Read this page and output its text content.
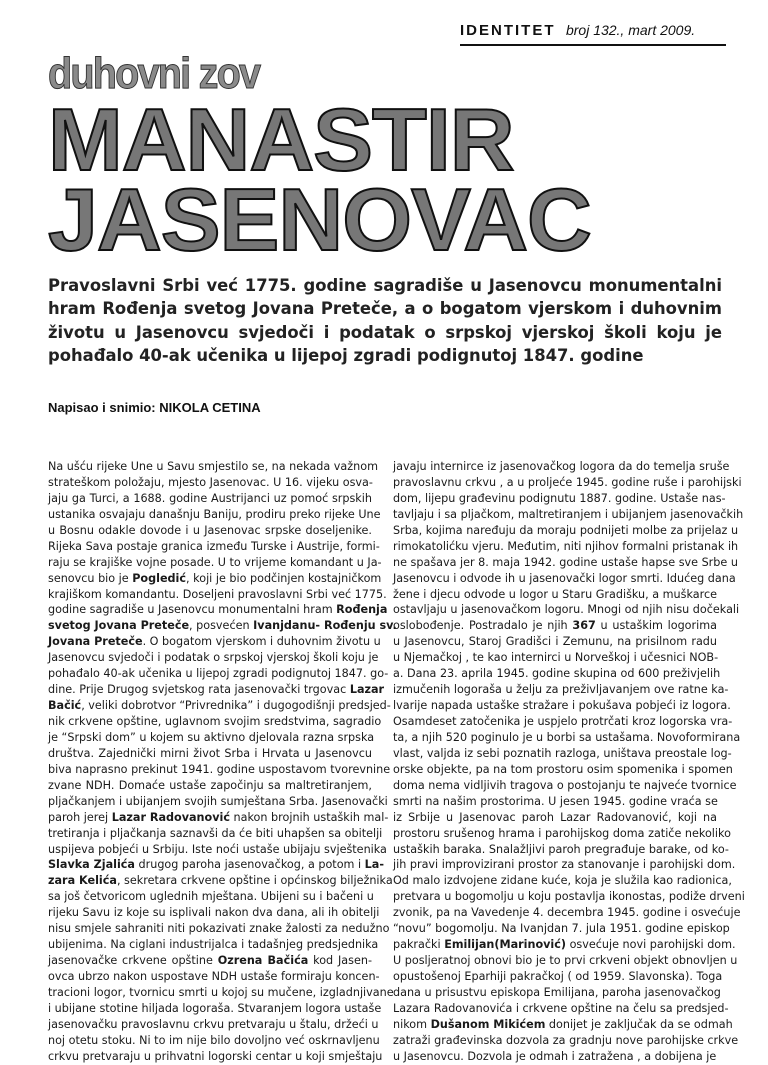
IDENTITET broj 132., mart 2009.
duhovni zov
MANASTIR
JASENOVAC
Pravoslavni Srbi već 1775. godine sagradiše u Jasenovcu monumentalni hram Rođenja svetog Jovana Preteče, a o bogatom vjerskom i duhovnim životu u Jasenovcu svjedoči i podatak o srpskoj vjerskoj školi koju je pohađalo 40-ak učenika u lijepoj zgradi podignutoj 1847. godine
Napisao i snimio: NIKOLA CETINA
Na ušću rijeke Une u Savu smjestilo se, na nekada važnom
strateškom položaju, mjesto Jasenovac. U 16. vijeku osva-
jaju ga Turci, a 1688. godine Austrijanci uz pomoć srpskih
ustanika osvajaju današnju Baniju, prodiru preko rijeke Une
u Bosnu odakle dovode i u Jasenovac srpske doseljenike.
Rijeka Sava postaje granica između Turske i Austrije, formi-
raju se krajiške vojne posade. U to vrijeme komandant u Ja-
senovcu bio je Pogledić, koji je bio podčinjen kostajničkom
krajiškom komandantu. Doseljeni pravoslavni Srbi već 1775.
godine sagradiše u Jasenovcu monumentalni hram Rođenja
svetog Jovana Preteče, posvećen Ivanjdanu- Rođenju sv.
Jovana Preteče. O bogatom vjerskom i duhovnim životu u
Jasenovcu svjedoči i podatak o srpskoj vjerskoj školi koju je
pohađalo 40-ak učenika u lijepoj zgradi podignutoj 1847. go-
dine. Prije Drugog svjetskog rata jasenovački trgovac Lazar
Bačić, veliki dobrotvor “Privrednika” i dugogodišnji predsjed-
nik crkvene opštine, uglavnom svojim sredstvima, sagradio
je “Srpski dom” u kojem su aktivno djelovala razna srpska
društva. Zajednički mirni život Srba i Hrvata u Jasenovcu
biva naprasno prekinut 1941. godine uspostavom tvorevnine
zvane NDH. Domaće ustaše započinju sa maltretiranjem,
pljačkanjem i ubijanjem svojih sumještana Srba. Jasenovački
paroh jerej Lazar Radovanović nakon brojnih ustaških mal-
tretiranja i pljačkanja saznavši da će biti uhapšen sa obitelji
uspijeva pobjeći u Srbiju. Iste noći ustaše ubijaju svještenika
Slavka Zjalića drugog paroha jasenovačkog, a potom i La-
zara Kelića, sekretara crkvene opštine i općinskog bilježnika
sa još četvoricom uglednih mještana. Ubijeni su i bačeni u
rijeku Savu iz koje su isplivali nakon dva dana, ali ih obitelji
nisu smjele sahraniti niti pokazivati znake žalosti za nedužno
ubijenima. Na ciglani industrijalca i tadašnjeg predsjednika
jasenovačke crkvene opštine Ozrena Bačića kod Jasen-
ovca ubrzo nakon uspostave NDH ustaše formiraju koncen-
tracioni logor, tvornicu smrti u kojoj su mučene, izgladnjivane
i ubijane stotine hiljada logoraša. Stvaranjem logora ustaše
jasenovačku pravoslavnu crkvu pretvaraju u štalu, držeći u
noj otetu stoku. Ni to im nije bilo dovoljno već oskrnavljenu
crkvu pretvaraju u prihvatni logorski centar u koji smještaju
javaju internirce iz jasenovačkog logora da do temelja sruše
pravoslavnu crkvu , a u proljeće 1945. godine ruše i parohijski
dom, lijepu građevinu podignutu 1887. godine. Ustaše nas-
tavljaju i sa pljačkom, maltretiranjem i ubijanjem jasenovačkih
Srba, kojima naređuju da moraju podnijeti molbe za prijelaz u
rimokatolićku vjeru. Međutim, niti njihov formalni pristanak ih
ne spašava jer 8. maja 1942. godine ustaše hapse sve Srbe u
Jasenovcu i odvode ih u jasenovački logor smrti. Idućeg dana
žene i djecu odvode u logor u Staru Gradišku, a muškarce
ostavljaju u jasenovačkom logoru. Mnogi od njih nisu dočekali
oslobođenje. Postradalo je njih 367 u ustaškim logorima
u Jasenovcu, Staroj Gradišci i Zemunu, na prisilnom radu
u Njemačkoj , te kao internirci u Norveškoj i učesnici NOB-
a. Dana 23. aprila 1945. godine skupina od 600 preživjelih
izmučenih logoraša u želju za preživljavanjem ove ratne ka-
lvarije napada ustaške stražare i pokušava pobjeći iz logora.
Osamdeset zatočenika je uspjelo protrčati kroz logorska vra-
ta, a njih 520 poginulo je u borbi sa ustašama. Novoformirana
vlast, valjda iz sebi poznatih razloga, uništava preostale log-
orske objekte, pa na tom prostoru osim spomenika i spomen
doma nema vidljivih tragova o postojanju te najveće tvornice
smrti na našim prostorima. U jesen 1945. godine vraća se
iz Srbije u Jasenovac paroh Lazar Radovanović, koji na
prostoru srušenog hrama i parohijskog doma zatiče nekoliko
ustaških baraka. Snalažljivi paroh pregrađuje barake, od ko-
jih pravi improvizirani prostor za stanovanje i parohijski dom.
Od malo izdvojene zidane kuće, koja je služila kao radionica,
pretvara u bogomolju u koju postavlja ikonostas, podiže drveni
zvonik, pa na Vavedenje 4. decembra 1945. godine i osvećuje
“novu” bogomolju. Na Ivanjdan 7. jula 1951. godine episkop
pakrački Emilijan(Marinović) osvećuje novi parohijski dom.
U posljeratnoj obnovi bio je to prvi crkveni objekt obnovljen u
opustošenoj Eparhiji pakračkoj ( od 1959. Slavonska). Toga
dana u prisustvu episkopa Emilijana, paroha jasenovačkog
Lazara Radovanovića i crkvene opštine na čelu sa predsjed-
nikom Dušanom Mikićem donijet je zaključak da se odmah
zatraži građevinska dozvola za gradnju nove parohijske crkve
u Jasenovcu. Dozvola je odmah i zatražena , a dobijena je
